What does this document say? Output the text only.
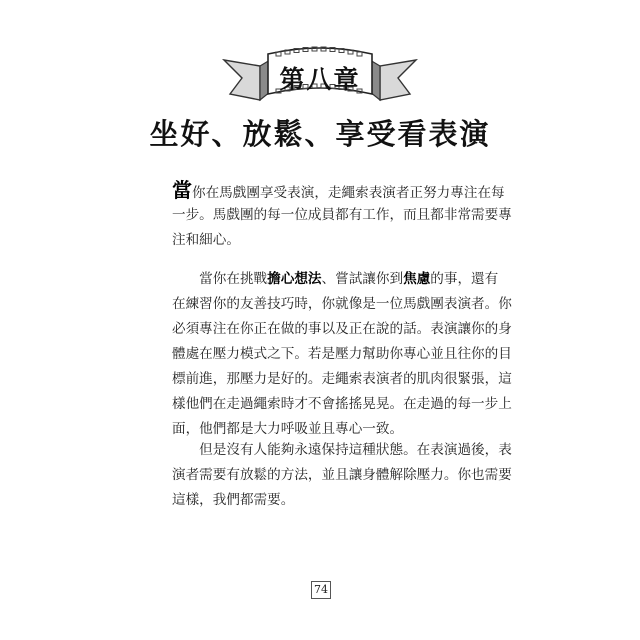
第八章
坐好、放鬆、享受看表演
當你在馬戲團享受表演，走繩索表演者正努力專注在每
一步。馬戲團的每一位成員都有工作，而且都非常需要專
注和細心。
　　當你在挑戰擔心想法、嘗試讓你到焦慮的事，還有
在練習你的友善技巧時，你就像是一位馬戲團表演者。你
必須專注在你正在做的事以及正在說的話。表演讓你的身
體處在壓力模式之下。若是壓力幫助你專心並且往你的目
標前進，那壓力是好的。走繩索表演者的肌肉很緊張，這
樣他們在走過繩索時才不會搖搖晃晃。在走過的每一步上
面，他們都是大力呼吸並且專心一致。
　　但是沒有人能夠永遠保持這種狀態。在表演過後，表
演者需要有放鬆的方法，並且讓身體解除壓力。你也需要
這樣，我們都需要。
74
